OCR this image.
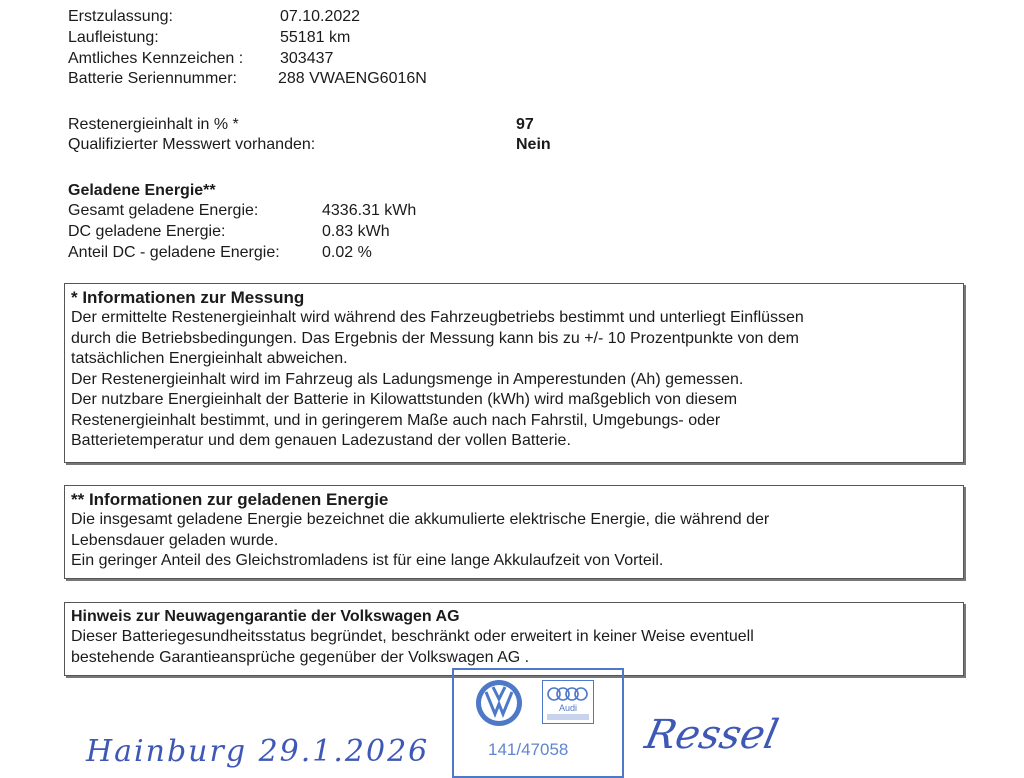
Erstzulassung:	07.10.2022
Laufleistung:	55181 km
Amtliches Kennzeichen : 303437
Batterie Seriennummer:	288 VWAENG6016N
Restenergieinhalt in % *	97
Qualifizierter Messwert vorhanden:	Nein
Geladene Energie**
Gesamt geladene Energie:	4336.31 kWh
DC geladene Energie:	0.83 kWh
Anteil DC - geladene Energie:	0.02 %
* Informationen zur Messung
Der ermittelte Restenergieinhalt wird während des Fahrzeugbetriebs bestimmt und unterliegt Einflüssen
durch die Betriebsbedingungen. Das Ergebnis der Messung kann bis zu +/- 10 Prozentpunkte von dem
tatsächlichen Energieinhalt abweichen.
Der Restenergieinhalt wird im Fahrzeug als Ladungsmenge in Amperestunden (Ah) gemessen.
Der nutzbare Energieinhalt der Batterie in Kilowattstunden (kWh) wird maßgeblich von diesem
Restenergieinhalt bestimmt, und in geringerem Maße auch nach Fahrstil, Umgebungs- oder
Batterietemperatur und dem genauen Ladezustand der vollen Batterie.
** Informationen zur geladenen Energie
Die insgesamt geladene Energie bezeichnet die akkumulierte elektrische Energie, die während der
Lebensdauer geladen wurde.
Ein geringer Anteil des Gleichstromladens ist für eine lange Akkulaufzeit von Vorteil.
Hinweis zur Neuwagengarantie der Volkswagen AG
Dieser Batteriegesundheitsstatus begründet, beschränkt oder erweitert in keiner Weise eventuell
bestehende Garantieansprüche gegenüber der Volkswagen AG .
Audi
141/47058
Hainburg 29.1.2026	Ressel
